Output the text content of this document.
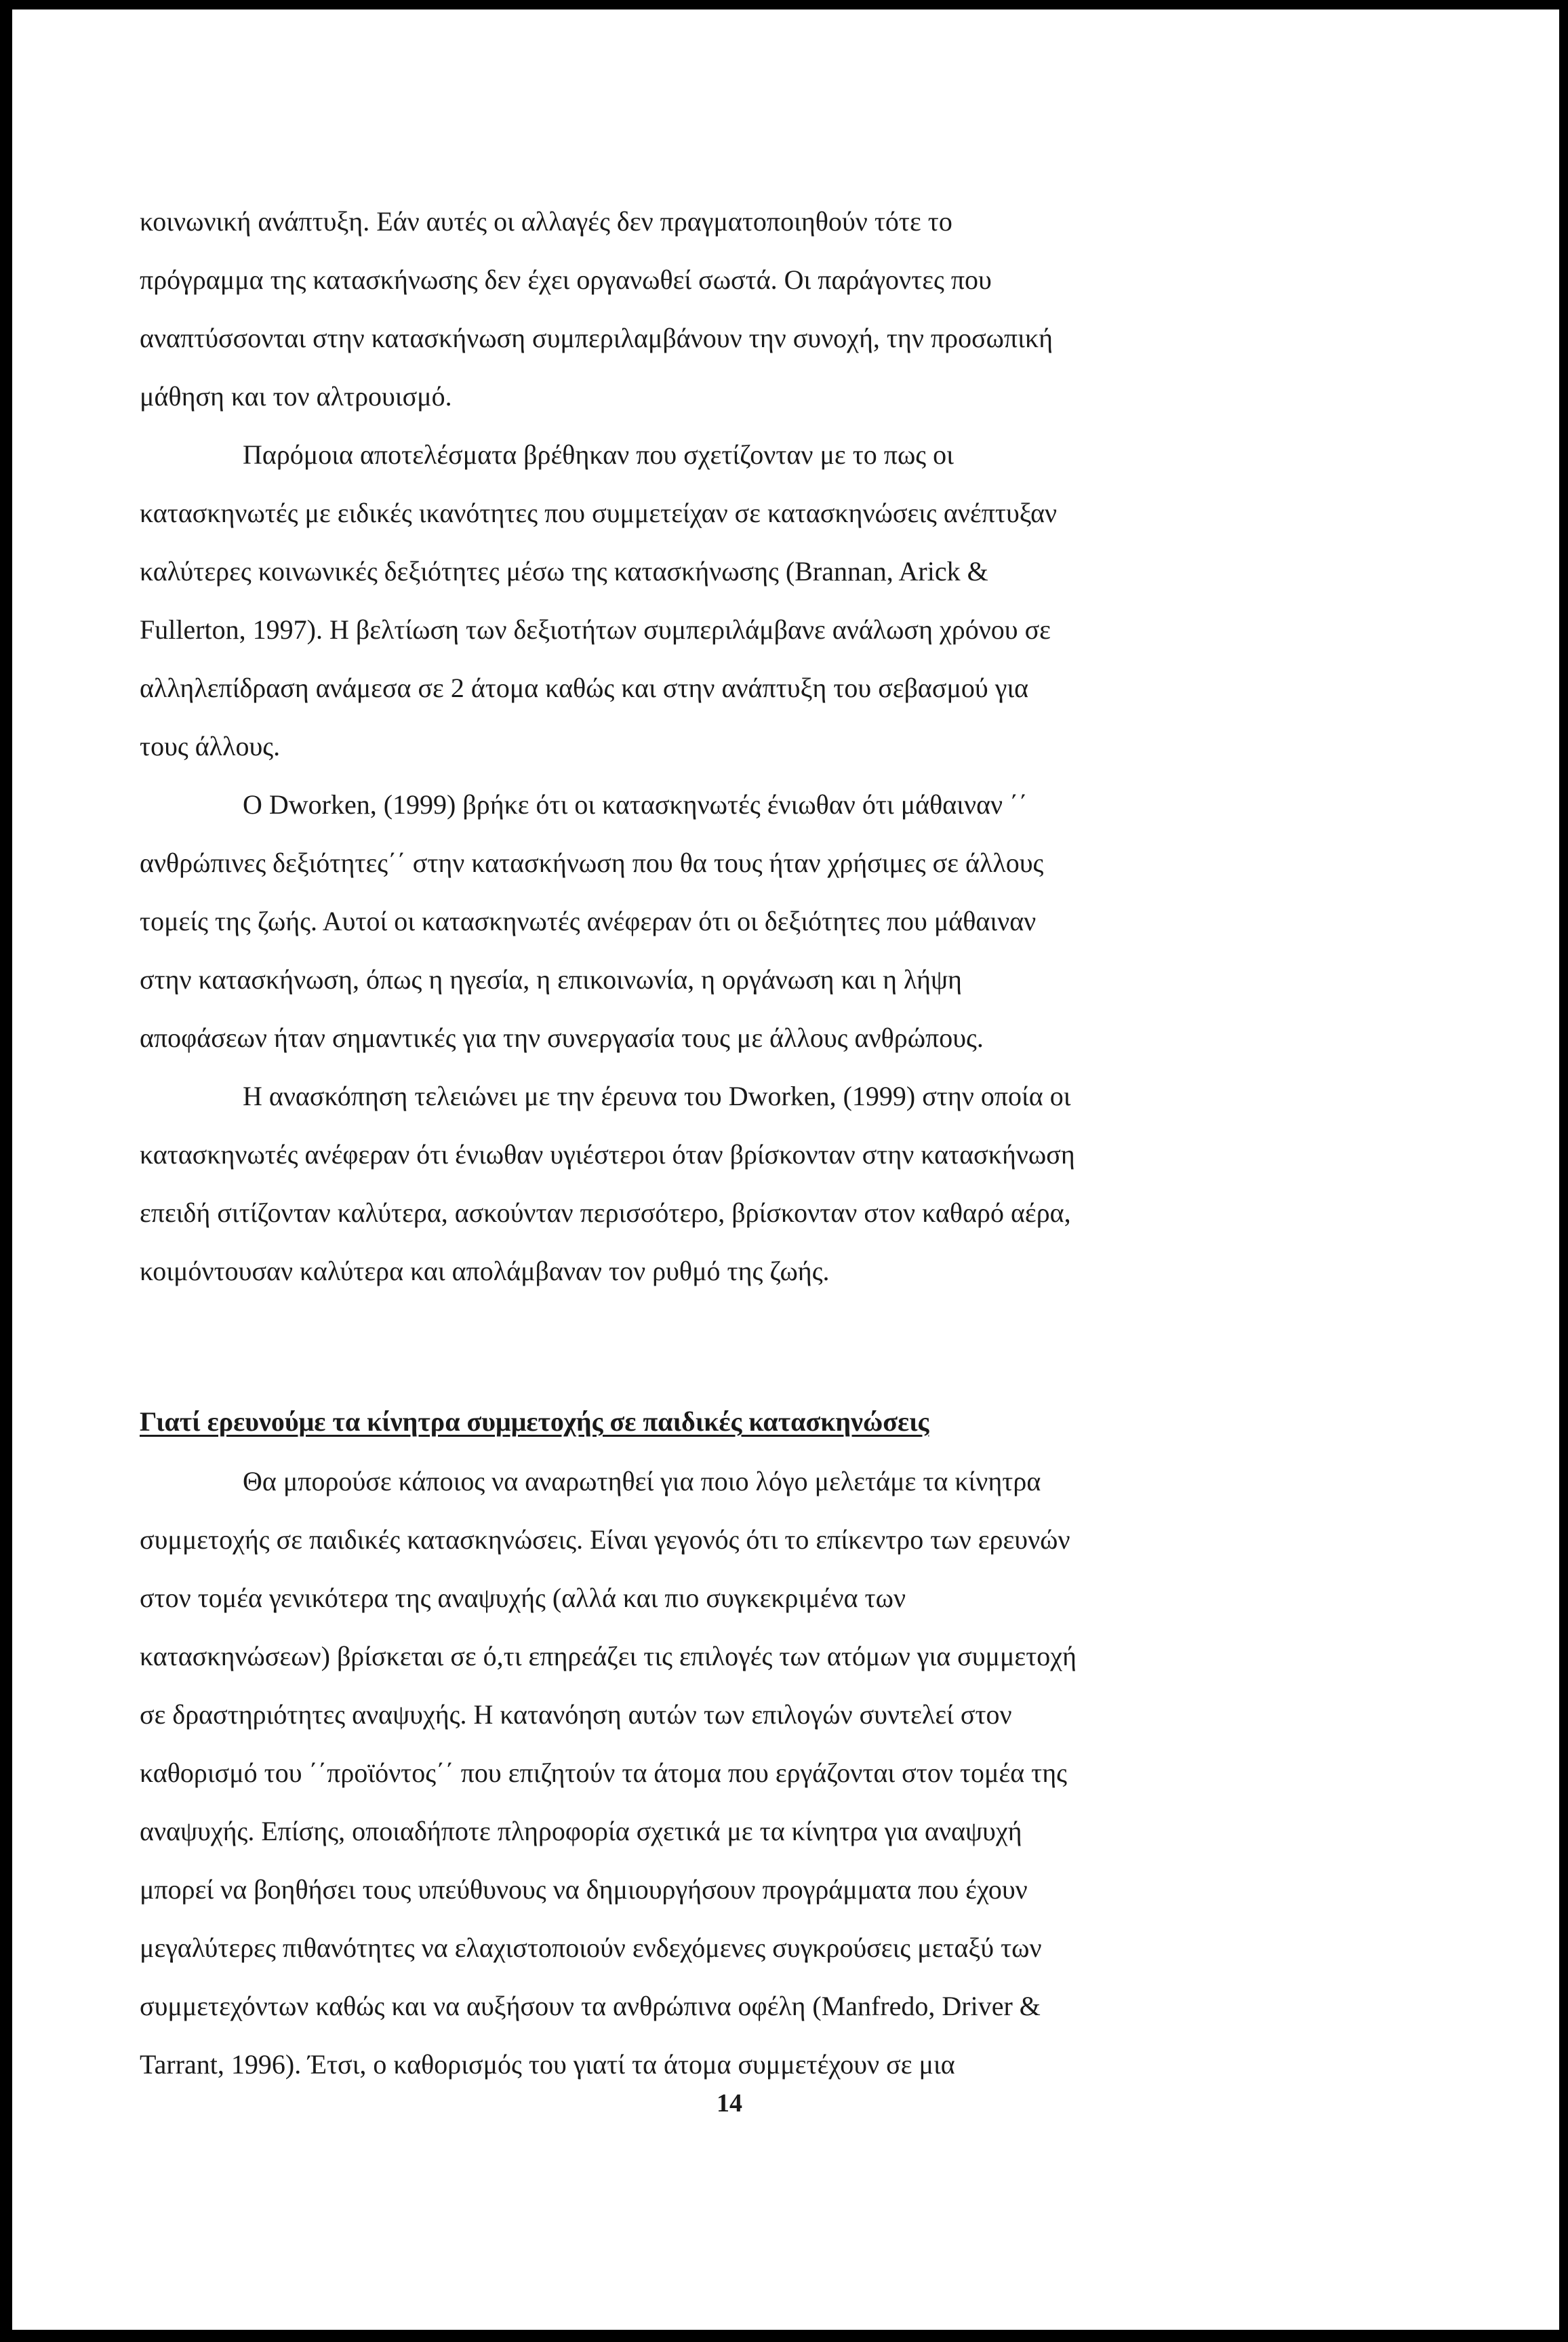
κοινωνική ανάπτυξη. Εάν αυτές οι αλλαγές δεν πραγματοποιηθούν τότε το
πρόγραμμα της κατασκήνωσης δεν έχει οργανωθεί σωστά. Οι παράγοντες που
αναπτύσσονται στην κατασκήνωση συμπεριλαμβάνουν την συνοχή, την προσωπική
μάθηση και τον αλτρουισμό.
Παρόμοια αποτελέσματα βρέθηκαν που σχετίζονταν με το πως οι
κατασκηνωτές με ειδικές ικανότητες που συμμετείχαν σε κατασκηνώσεις ανέπτυξαν
καλύτερες κοινωνικές δεξιότητες μέσω της κατασκήνωσης (Brannan, Arick &
Fullerton, 1997). Η βελτίωση των δεξιοτήτων συμπεριλάμβανε ανάλωση χρόνου σε
αλληλεπίδραση ανάμεσα σε 2 άτομα καθώς και στην ανάπτυξη του σεβασμού για
τους άλλους.
Ο Dworken, (1999) βρήκε ότι οι κατασκηνωτές ένιωθαν ότι μάθαιναν ΄΄
ανθρώπινες δεξιότητες΄΄ στην κατασκήνωση που θα τους ήταν χρήσιμες σε άλλους
τομείς της ζωής. Αυτοί οι κατασκηνωτές ανέφεραν ότι οι δεξιότητες που μάθαιναν
στην κατασκήνωση, όπως η ηγεσία, η επικοινωνία, η οργάνωση και η λήψη
αποφάσεων ήταν σημαντικές για την συνεργασία τους με άλλους ανθρώπους.
Η ανασκόπηση τελειώνει με την έρευνα του Dworken, (1999) στην οποία οι
κατασκηνωτές ανέφεραν ότι ένιωθαν υγιέστεροι όταν βρίσκονταν στην κατασκήνωση
επειδή σιτίζονταν καλύτερα, ασκούνταν περισσότερο, βρίσκονταν στον καθαρό αέρα,
κοιμόντουσαν καλύτερα και απολάμβαναν τον ρυθμό της ζωής.
Γιατί ερευνούμε τα κίνητρα συμμετοχής σε παιδικές κατασκηνώσεις
Θα μπορούσε κάποιος να αναρωτηθεί για ποιο λόγο μελετάμε τα κίνητρα
συμμετοχής σε παιδικές κατασκηνώσεις. Είναι γεγονός ότι το επίκεντρο των ερευνών
στον τομέα γενικότερα της αναψυχής (αλλά και πιο συγκεκριμένα των
κατασκηνώσεων) βρίσκεται σε ό,τι επηρεάζει τις επιλογές των ατόμων για συμμετοχή
σε δραστηριότητες αναψυχής. Η κατανόηση αυτών των επιλογών συντελεί στον
καθορισμό του ΄΄προϊόντος΄΄ που επιζητούν τα άτομα που εργάζονται στον τομέα της
αναψυχής. Επίσης, οποιαδήποτε πληροφορία σχετικά με τα κίνητρα για αναψυχή
μπορεί να βοηθήσει τους υπεύθυνους να δημιουργήσουν προγράμματα που έχουν
μεγαλύτερες πιθανότητες να ελαχιστοποιούν ενδεχόμενες συγκρούσεις μεταξύ των
συμμετεχόντων καθώς και να αυξήσουν τα ανθρώπινα οφέλη (Manfredo, Driver &
Tarrant, 1996). Έτσι, ο καθορισμός του γιατί τα άτομα συμμετέχουν σε μια
14
